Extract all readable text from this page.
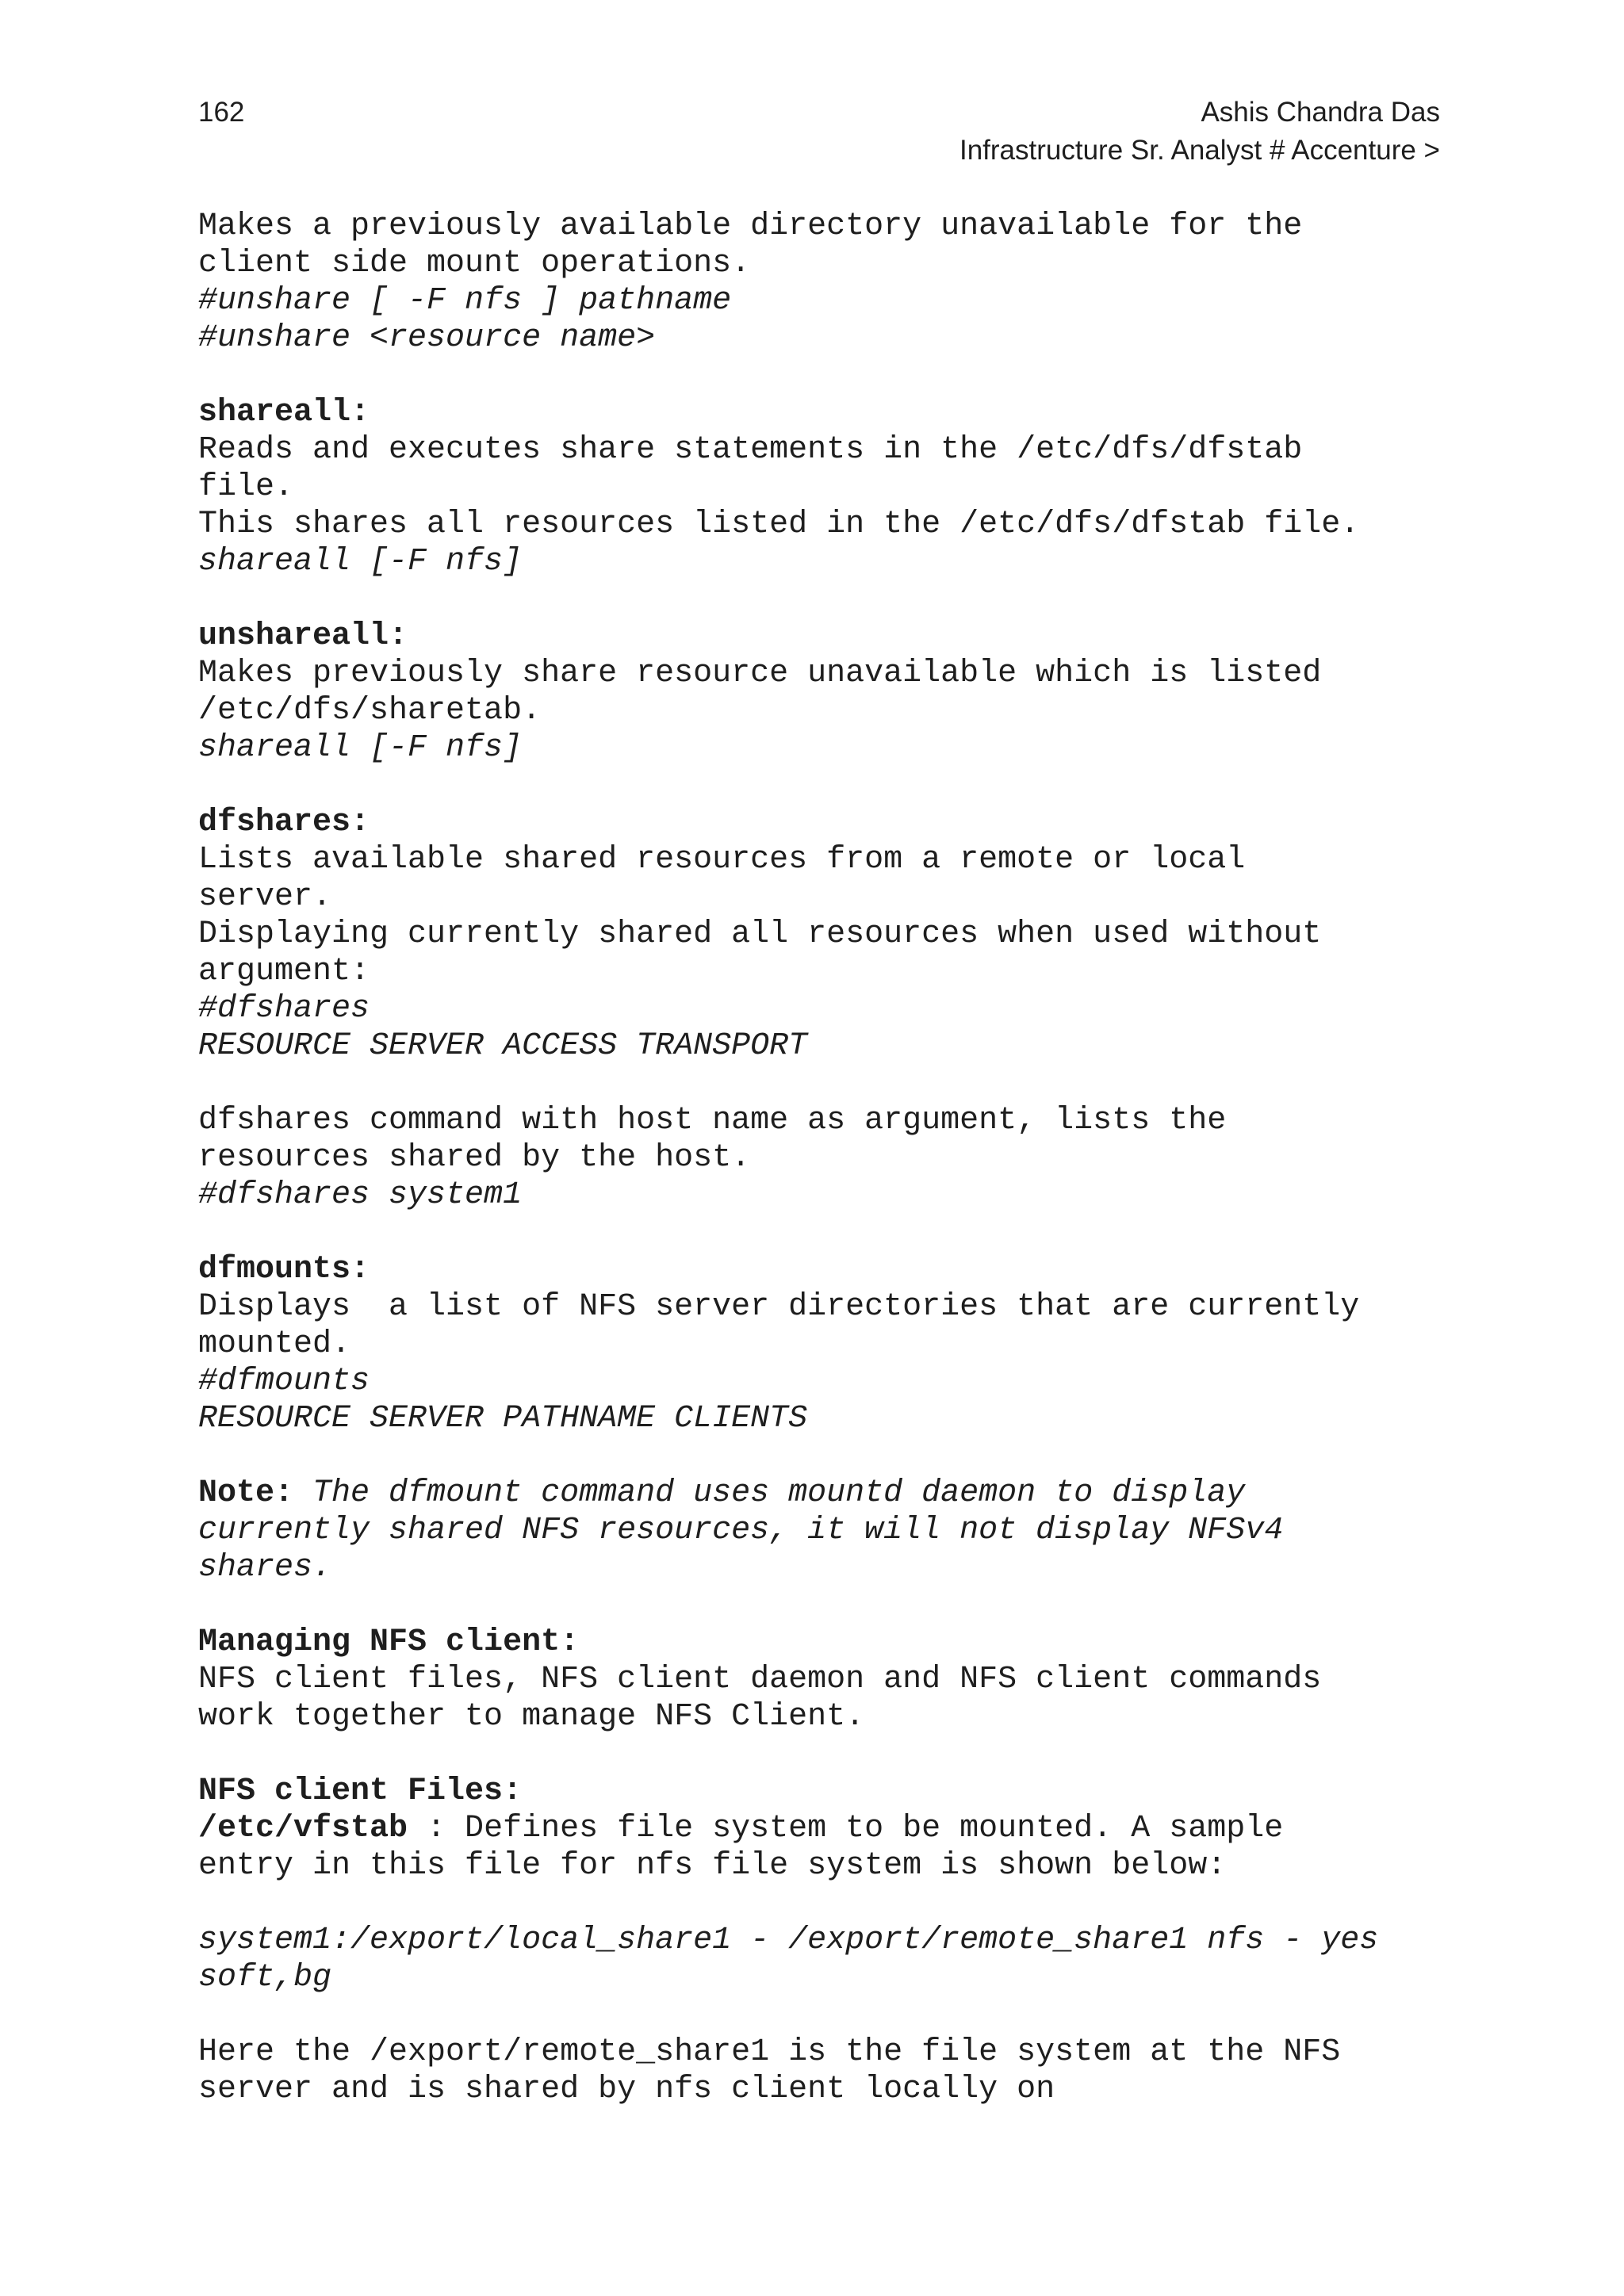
162	Ashis Chandra Das
Infrastructure Sr. Analyst # Accenture >
Makes a previously available directory unavailable for the
client side mount operations.
#unshare [ -F nfs ] pathname
#unshare <resource name>
shareall:
Reads and executes share statements in the /etc/dfs/dfstab
file.
This shares all resources listed in the /etc/dfs/dfstab file.
shareall [-F nfs]
unshareall:
Makes previously share resource unavailable which is listed
/etc/dfs/sharetab.
shareall [-F nfs]
dfshares:
Lists available shared resources from a remote or local
server.
Displaying currently shared all resources when used without
argument:
#dfshares
RESOURCE SERVER ACCESS TRANSPORT
dfshares command with host name as argument, lists the
resources shared by the host.
#dfshares system1
dfmounts:
Displays  a list of NFS server directories that are currently
mounted.
#dfmounts
RESOURCE SERVER PATHNAME CLIENTS
Note: The dfmount command uses mountd daemon to display
currently shared NFS resources, it will not display NFSv4
shares.
Managing NFS client:
NFS client files, NFS client daemon and NFS client commands
work together to manage NFS Client.
NFS client Files:
/etc/vfstab : Defines file system to be mounted. A sample
entry in this file for nfs file system is shown below:
system1:/export/local_share1 - /export/remote_share1 nfs - yes
soft,bg
Here the /export/remote_share1 is the file system at the NFS
server and is shared by nfs client locally on
